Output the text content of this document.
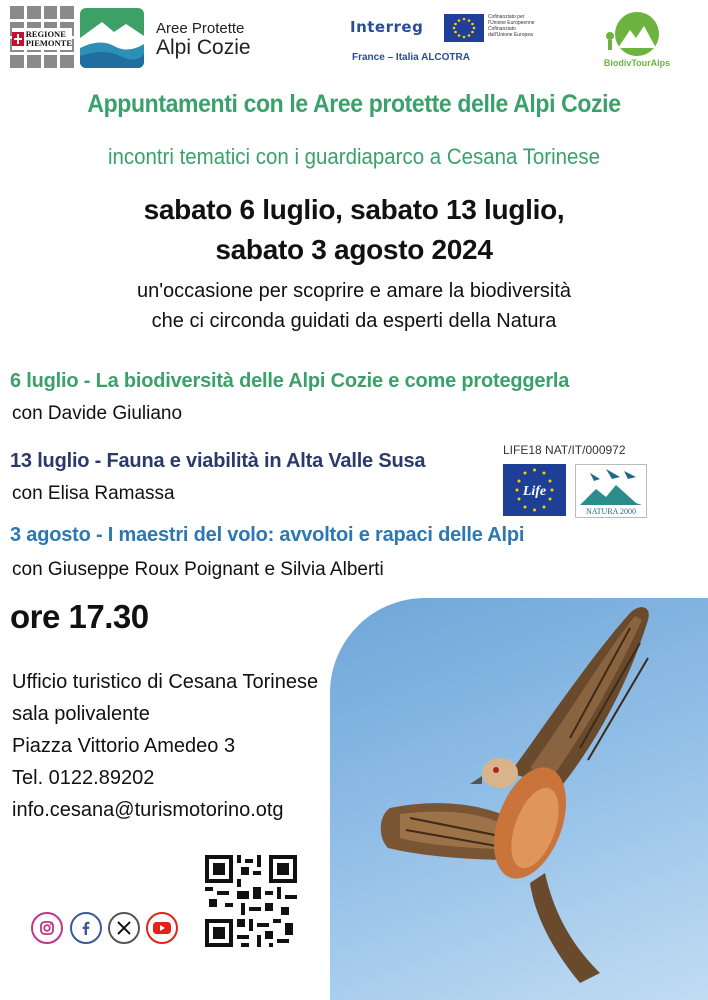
REGIONE
PIEMONTE
Aree Protette
Alpi Cozie
Interreg
Cofinanziato per l'Unione Europeenne Cofinanziato dall'Unione Europea
France – Italia ALCOTRA	BiodivTourAlps
Appuntamenti con le Aree protette delle Alpi Cozie
incontri tematici con i guardiaparco a Cesana Torinese
sabato 6 luglio, sabato 13 luglio,
sabato 3 agosto 2024
un'occasione per scoprire e amare la biodiversità
che ci circonda guidati da esperti della Natura
6 luglio - La biodiversità delle Alpi Cozie e come proteggerla
con Davide Giuliano
13 luglio - Fauna e viabilità in Alta Valle Susa
con Elisa Ramassa
LIFE18 NAT/IT/000972
Life
NATURA 2000
3 agosto - I maestri del volo: avvoltoi e rapaci delle Alpi
con Giuseppe Roux Poignant e Silvia Alberti
ore 17.30
Ufficio turistico di Cesana Torinese
sala polivalente
Piazza Vittorio Amedeo 3
Tel. 0122.89202
info.cesana@turismotorino.otg
